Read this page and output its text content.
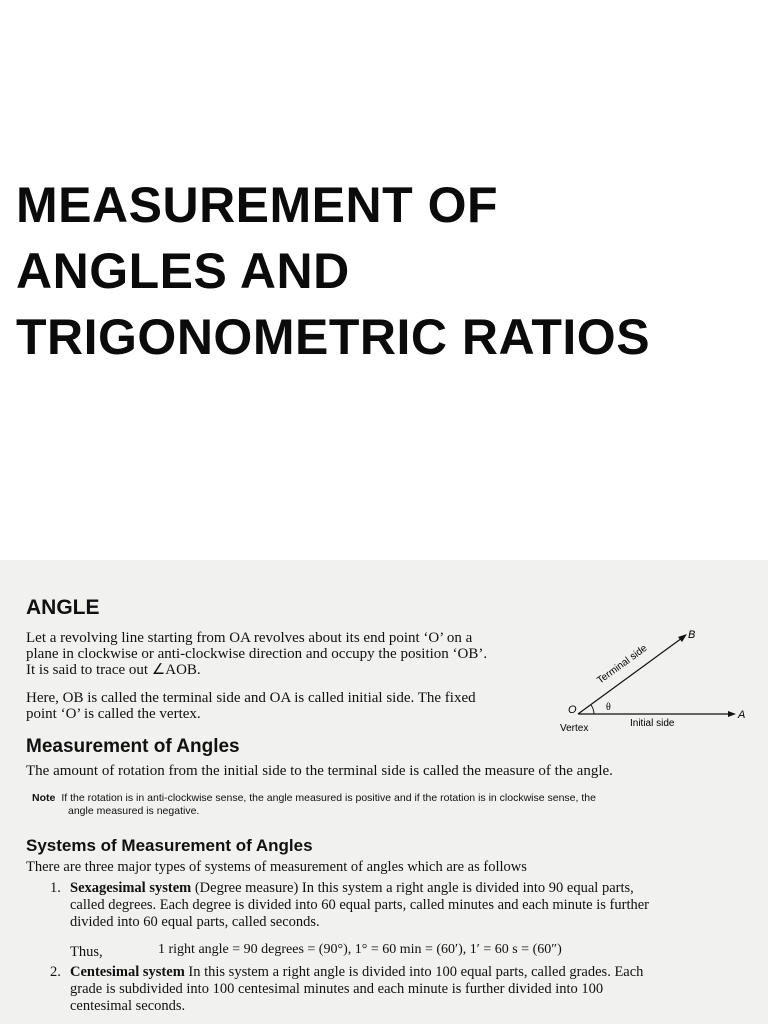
MEASUREMENT OF
ANGLES AND
TRIGONOMETRIC RATIOS
ANGLE

Let a revolving line starting from OA revolves about its end point ‘O’ on a

plane in clockwise or anti-clockwise direction and occupy the position ‘OB’.

It is said to trace out ∠AOB.

Here, OB is called the terminal side and OA is called initial side. The fixed

point ‘O’ is called the vertex.

B
A
O	θ
Terminal side
Initial side
Vertex
Measurement of Angles

The amount of rotation from the initial side to the terminal side is called the measure of the angle.

Note If the rotation is in anti-clockwise sense, the angle measured is positive and if the rotation is in clockwise sense, the
angle measured is negative.
Systems of Measurement of Angles

There are three major types of systems of measurement of angles which are as follows

1. Sexagesimal system (Degree measure) In this system a right angle is divided into 90 equal parts,
called degrees. Each degree is divided into 60 equal parts, called minutes and each minute is further
divided into 60 equal parts, called seconds.
Thus,	1 right angle = 90 degrees = (90°), 1° = 60 min = (60′), 1′ = 60 s = (60″)
2. Centesimal system In this system a right angle is divided into 100 equal parts, called grades. Each
grade is subdivided into 100 centesimal minutes and each minute is further divided into 100
centesimal seconds.
